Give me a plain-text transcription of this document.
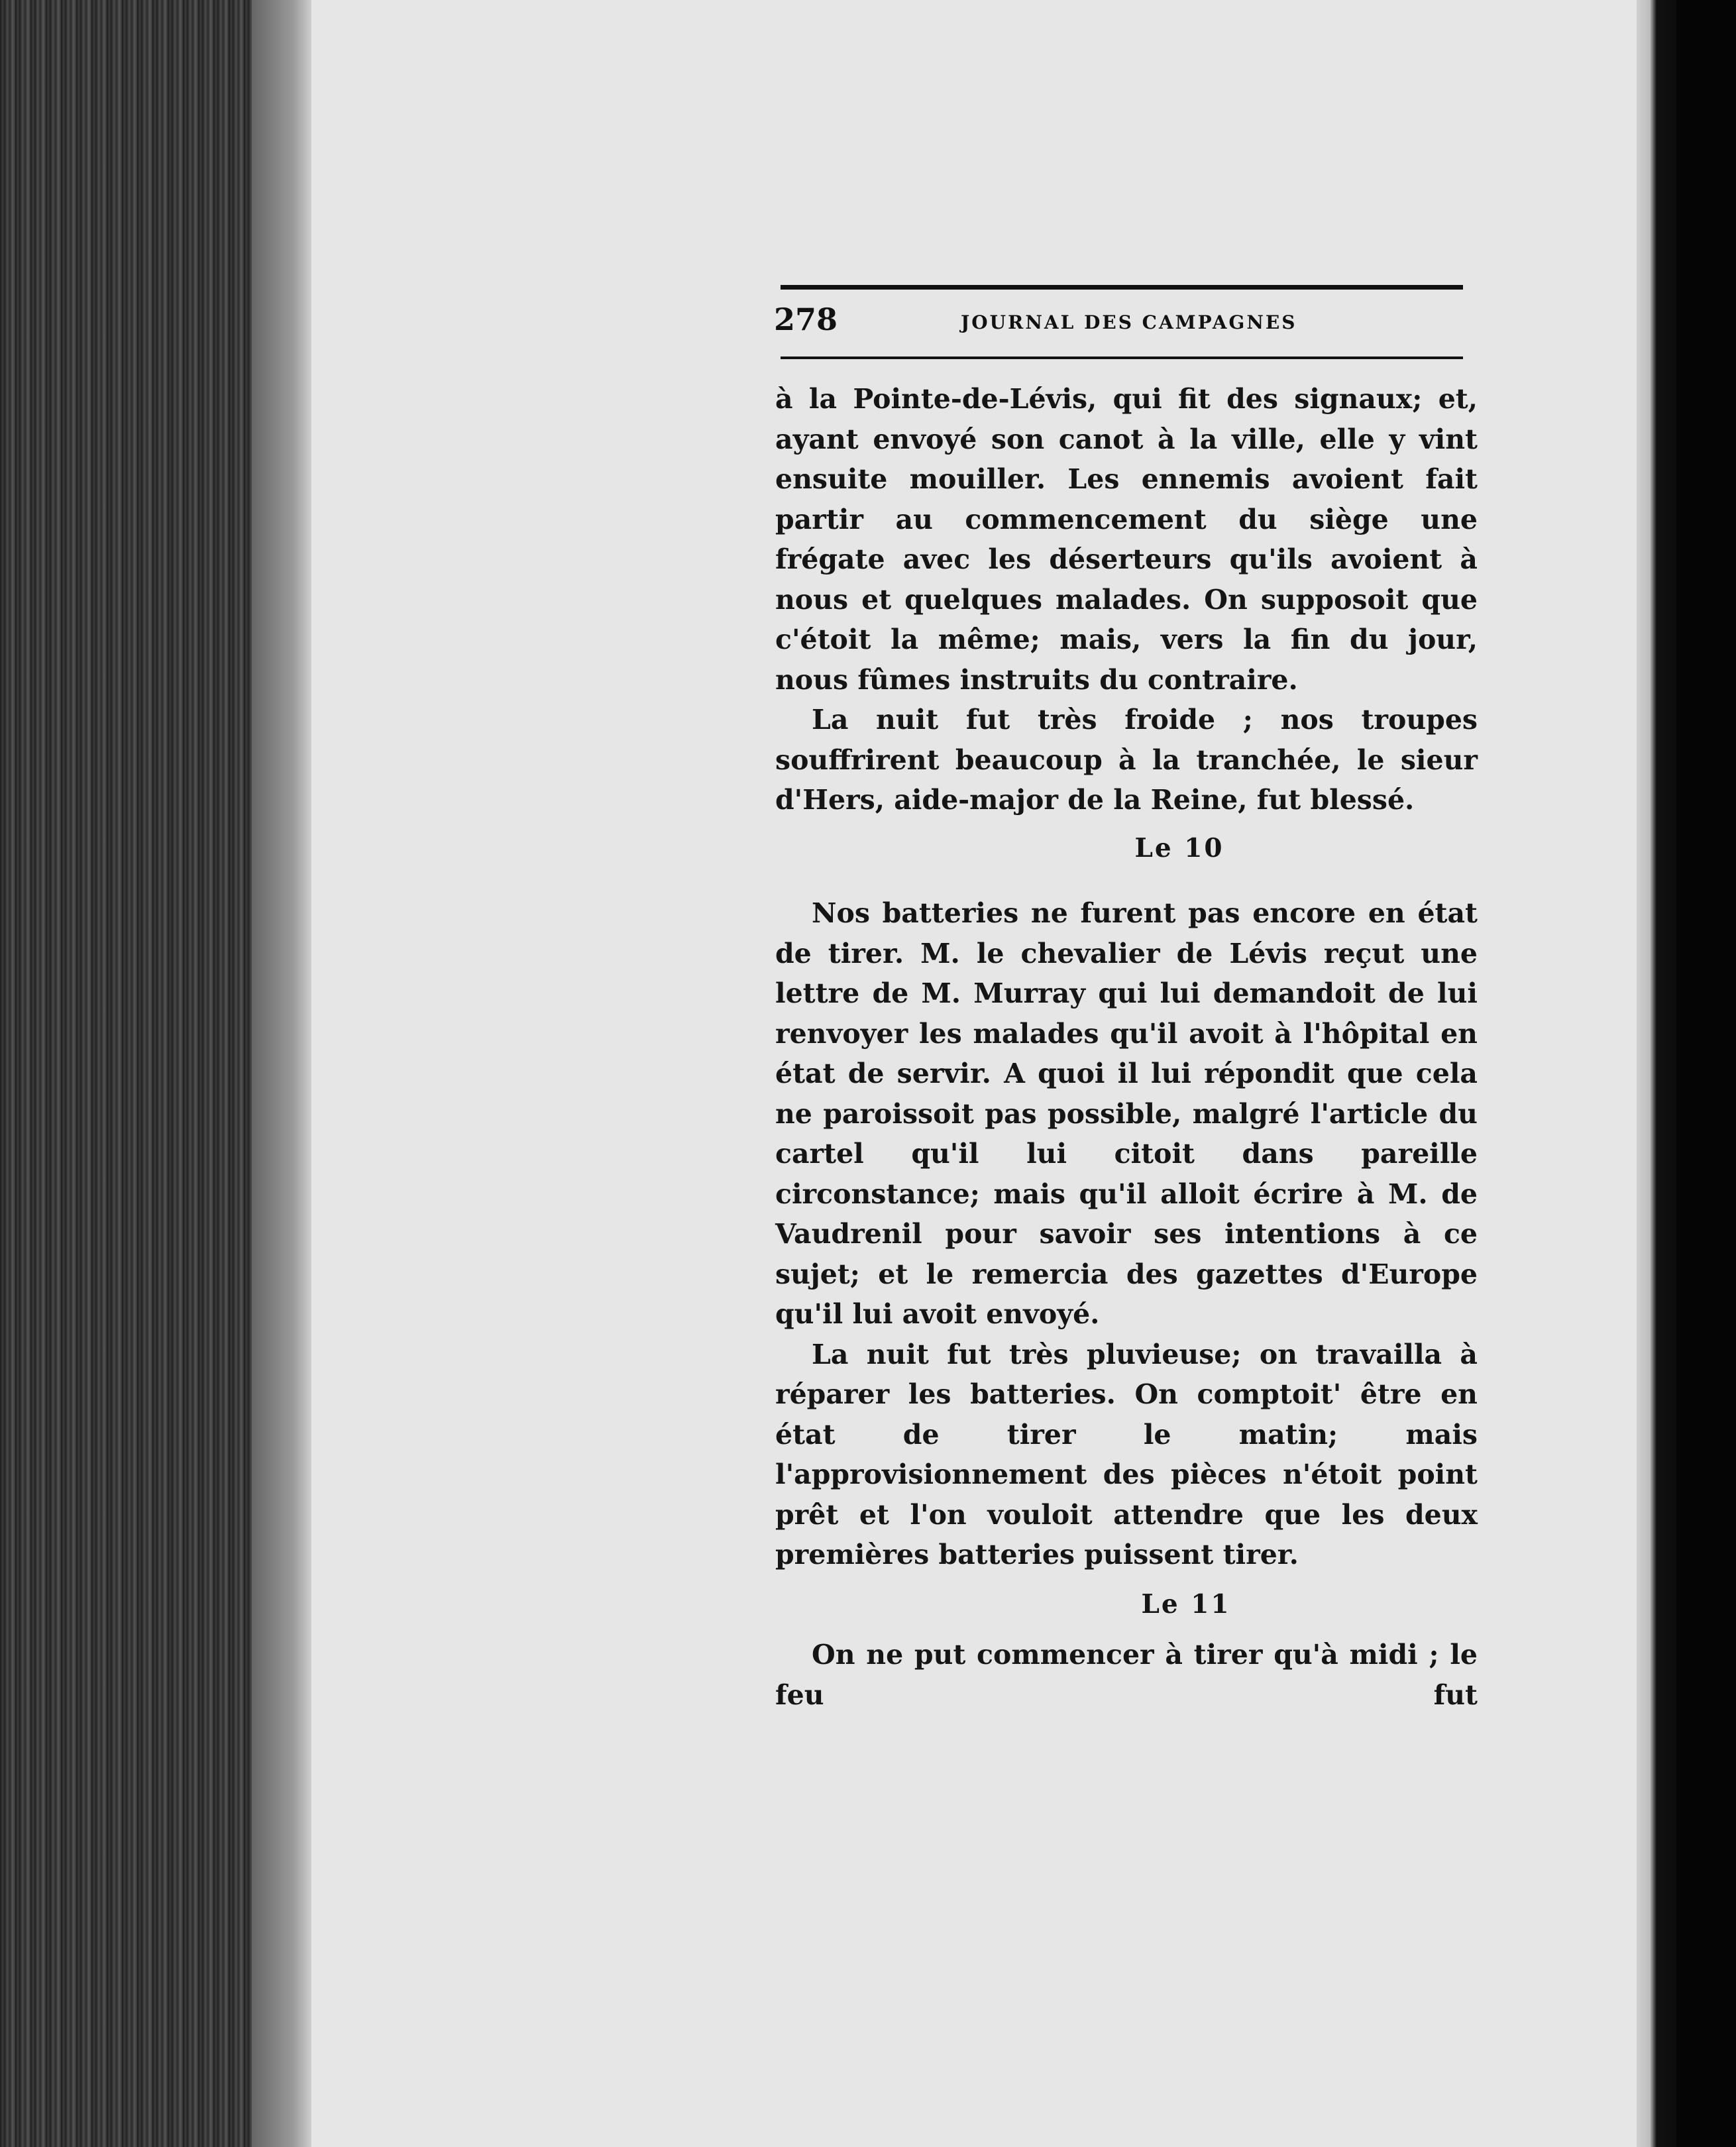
278	JOURNAL DES CAMPAGNES
à la Pointe-de-Lévis, qui fit des signaux; et, ayant envoyé son canot à la ville, elle y vint ensuite mouiller. Les ennemis avoient fait partir au commencement du siège une frégate avec les déserteurs qu'ils avoient à nous et quelques malades. On supposoit que c'étoit la même; mais, vers la fin du jour, nous fûmes instruits du contraire.
La nuit fut très froide ; nos troupes souffrirent beaucoup à la tranchée, le sieur d'Hers, aide-major de la Reine, fut blessé.
Le 10
Nos batteries ne furent pas encore en état de tirer. M. le chevalier de Lévis reçut une lettre de M. Murray qui lui demandoit de lui renvoyer les malades qu'il avoit à l'hôpital en état de servir. A quoi il lui répondit que cela ne paroissoit pas possible, malgré l'article du cartel qu'il lui citoit dans pareille circonstance; mais qu'il alloit écrire à M. de Vaudrenil pour savoir ses intentions à ce sujet; et le remercia des gazettes d'Europe qu'il lui avoit envoyé.
La nuit fut très pluvieuse; on travailla à réparer les batteries. On comptoit' être en état de tirer le matin; mais l'approvisionnement des pièces n'étoit point prêt et l'on vouloit attendre que les deux premières batteries puissent tirer.
Le 11
On ne put commencer à tirer qu'à midi ; le feu fut
